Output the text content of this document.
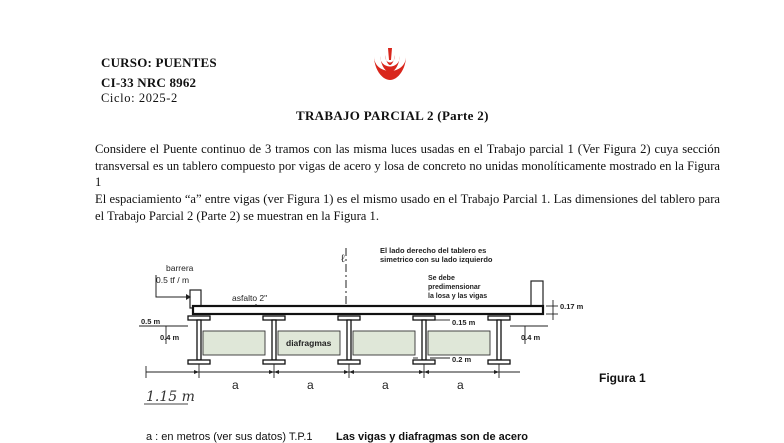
CURSO: PUENTES
CI-33 NRC 8962
Ciclo: 2025-2
TRABAJO PARCIAL 2 (Parte 2)
Considere el Puente continuo de 3 tramos con las misma luces usadas en el Trabajo parcial 1 (Ver Figura 2) cuya sección transversal es un tablero compuesto por vigas de acero y losa de concreto no unidas monolíticamente mostrado en la Figura 1
El espaciamiento “a” entre vigas (ver Figura 1) es el mismo usado en el Trabajo Parcial 1. Las dimensiones del tablero para el Trabajo Parcial 2 (Parte 2) se muestran en la Figura 1.
ℓ
barrera
0.5 tf / m
asfalto 2"
El lado derecho del tablero es
simetrico con su lado izquierdo
Se debe
predimensionar
la losa y las vigas
0.17 m
0.5 m
0.4 m	0.4 m
0.15 m
0.2 m
diafragmas
a	a	a	a
1.15 m
Figura 1
a : en metros (ver sus datos) T.P.1 Las vigas y diafragmas son de acero
